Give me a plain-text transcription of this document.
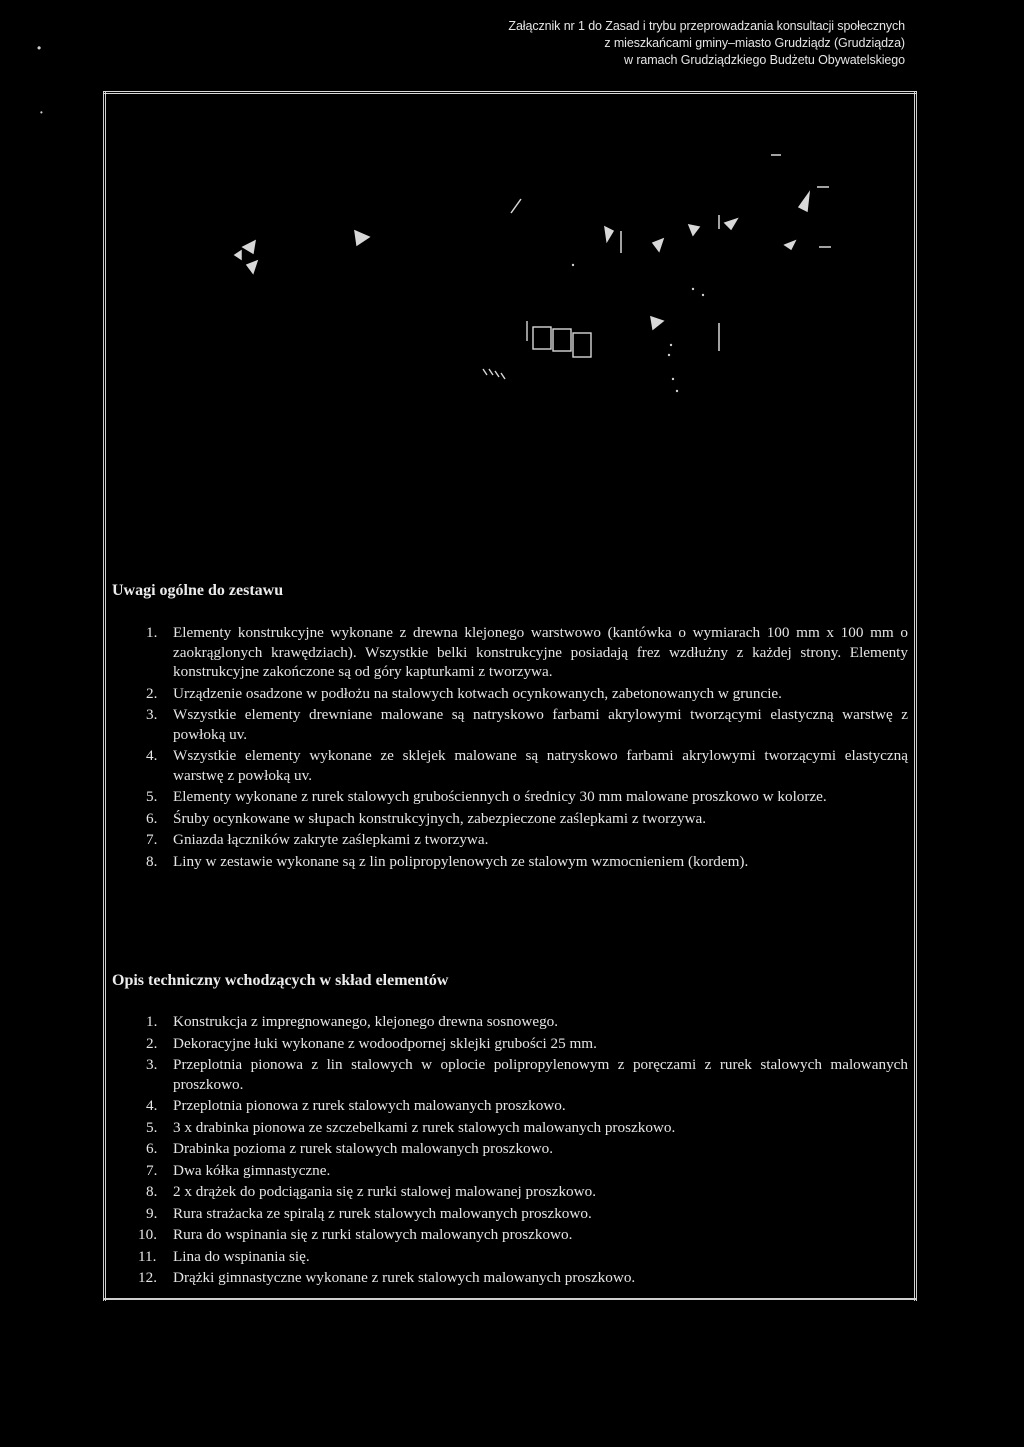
Załącznik nr 1 do Zasad i trybu przeprowadzania konsultacji społecznych
z mieszkańcami gminy–miasto Grudziądz (Grudziądza)
w ramach Grudziądzkiego Budżetu Obywatelskiego
•
•
Uwagi ogólne do zestawu
1.	Elementy konstrukcyjne wykonane z drewna klejonego warstwowo (kantówka o wymiarach 100 mm x 100 mm o zaokrąglonych krawędziach). Wszystkie belki konstrukcyjne posiadają frez wzdłużny z każdej strony. Elementy konstrukcyjne zakończone są od góry kapturkami z tworzywa.
2.	Urządzenie osadzone w podłożu na stalowych kotwach ocynkowanych, zabetonowanych w gruncie.
3.	Wszystkie elementy drewniane malowane są natryskowo farbami akrylowymi tworzącymi elastyczną warstwę z powłoką uv.
4.	Wszystkie elementy wykonane ze sklejek malowane są natryskowo farbami akrylowymi tworzącymi elastyczną warstwę z powłoką uv.
5.	Elementy wykonane z rurek stalowych grubościennych o średnicy 30 mm malowane proszkowo w kolorze.
6.	Śruby ocynkowane w słupach konstrukcyjnych, zabezpieczone zaślepkami z tworzywa.
7.	Gniazda łączników zakryte zaślepkami z tworzywa.
8.	Liny w zestawie wykonane są z lin polipropylenowych ze stalowym wzmocnieniem (kordem).
Opis techniczny wchodzących w skład elementów
1.	Konstrukcja z impregnowanego, klejonego drewna sosnowego.
2.	Dekoracyjne łuki wykonane z wodoodpornej sklejki grubości 25 mm.
3.	Przeplotnia pionowa z lin stalowych w oplocie polipropylenowym z poręczami z rurek stalowych malowanych proszkowo.
4.	Przeplotnia pionowa z rurek stalowych malowanych proszkowo.
5.	3 x drabinka pionowa ze szczebelkami z rurek stalowych malowanych proszkowo.
6.	Drabinka pozioma z rurek stalowych malowanych proszkowo.
7.	Dwa kółka gimnastyczne.
8.	2 x drążek do podciągania się z rurki stalowej malowanej proszkowo.
9.	Rura strażacka ze spiralą z rurek stalowych malowanych proszkowo.
10.	Rura do wspinania się z rurki stalowych malowanych proszkowo.
11.	Lina do wspinania się.
12.	Drążki gimnastyczne wykonane z rurek stalowych malowanych proszkowo.
